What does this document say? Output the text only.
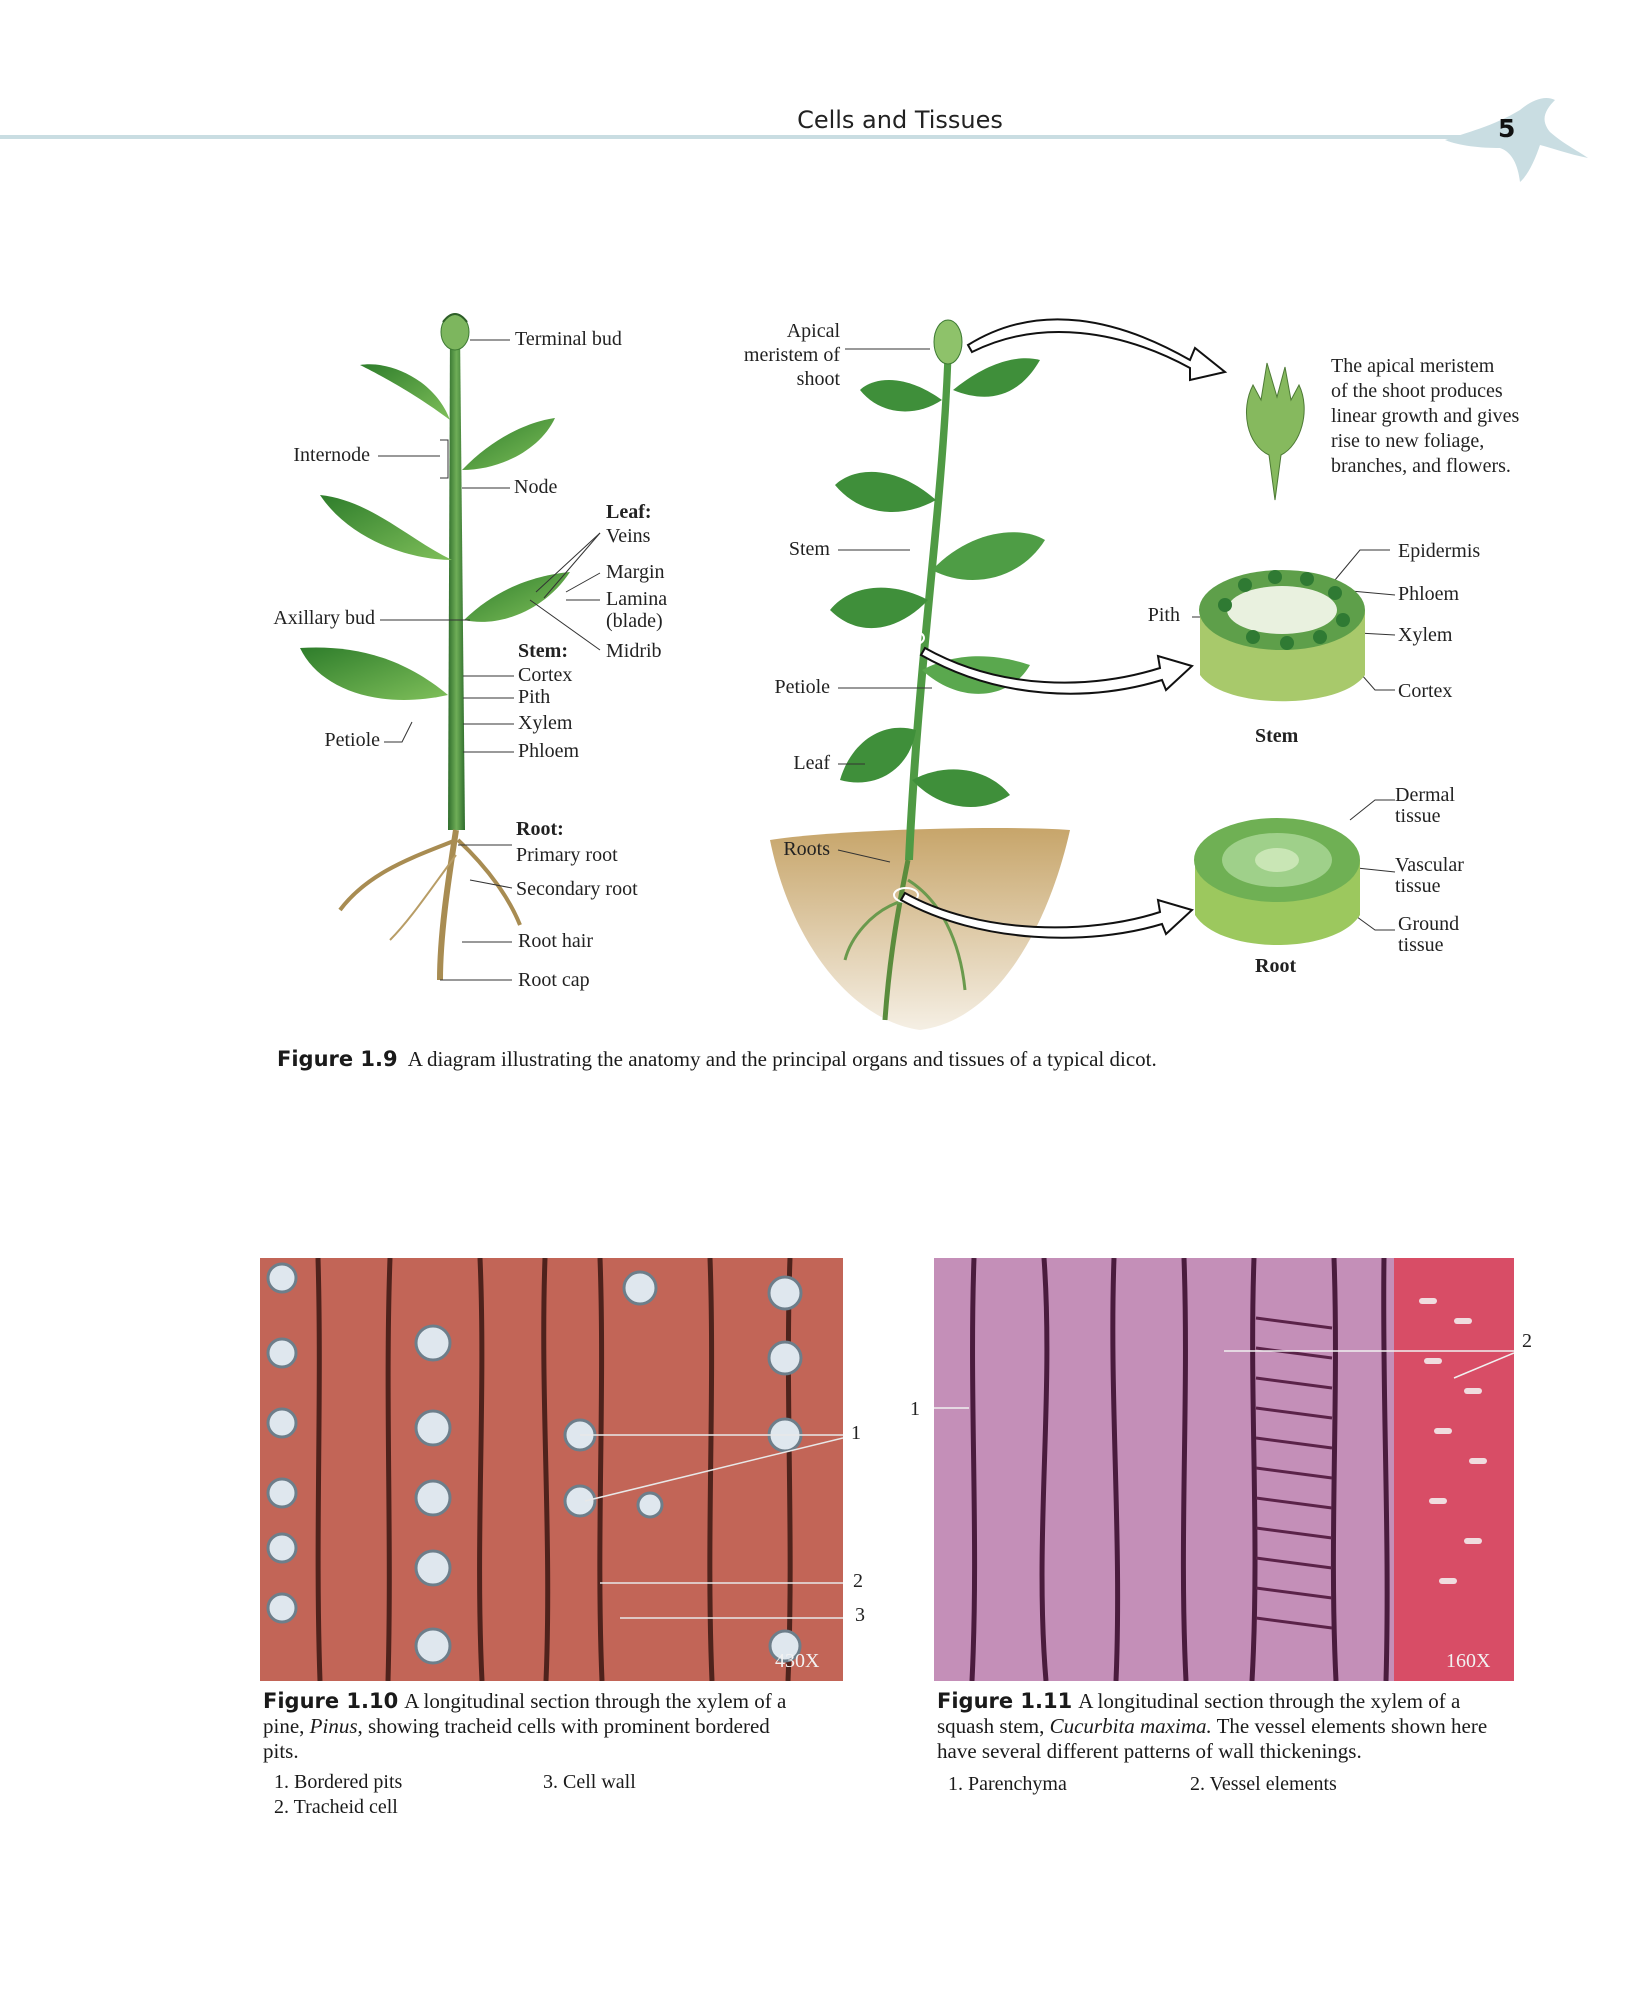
Cells and Tissues	5
Terminal bud
Internode
Node
Leaf:
Veins
Margin
Lamina
(blade)
Midrib
Axillary bud
Stem:
Cortex
Pith
Xylem
Phloem
Petiole
Root:
Primary root
Secondary root
Root hair
Root cap
Apical
meristem of
shoot
Stem
Petiole
Leaf
Roots
The apical meristem
of the shoot produces
linear growth and gives
rise to new foliage,
branches, and flowers.
Pith
Epidermis
Phloem
Xylem
Cortex
Stem
Dermal
tissue
Vascular
tissue
Ground
tissue
Root
Figure 1.9 A diagram illustrating the anatomy and the principal organs and tissues of a typical dicot.
430X
1
2
3
Figure 1.10 A longitudinal section through the xylem of a pine, Pinus, showing tracheid cells with prominent bordered pits.
1. Bordered pits	3. Cell wall
2. Tracheid cell
160X
1
2
Figure 1.11 A longitudinal section through the xylem of a squash stem, Cucurbita maxima. The vessel elements shown here have several different patterns of wall thickenings.
1. Parenchyma	2. Vessel elements
